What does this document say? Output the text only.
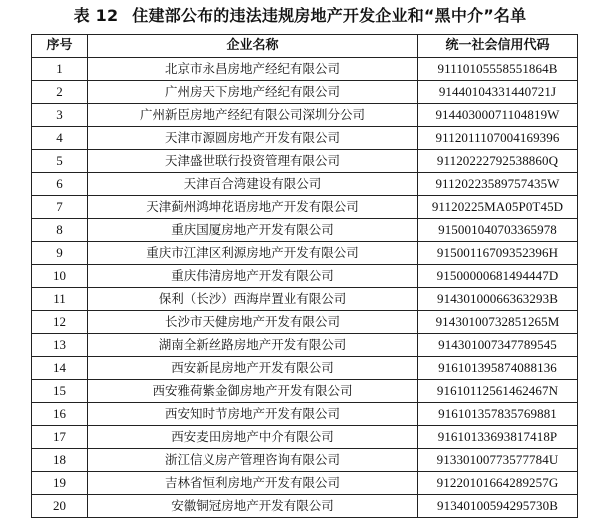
表 12 住建部公布的违法违规房地产开发企业和“黑中介”名单
序号	企业名称	统一社会信用代码
1	北京市永昌房地产经纪有限公司	91110105558551864B
2	广州房天下房地产经纪有限公司	91440104331440721J
3	广州新臣房地产经纪有限公司深圳分公司	91440300071104819W
4	天津市源圆房地产开发有限公司	9112011107004169396
5	天津盛世联行投资管理有限公司	91120222792538860Q
6	天津百合湾建设有限公司	91120223589757435W
7	天津蓟州鸿坤花语房地产开发有限公司	91120225MA05P0T45D
8	重庆国厦房地产开发有限公司	915001040703365978
9	重庆市江津区利源房地产开发有限公司	91500116709352396H
10	重庆伟清房地产开发有限公司	91500000681494447D
11	保利（长沙）西海岸置业有限公司	91430100066363293B
12	长沙市天健房地产开发有限公司	91430100732851265M
13	湖南全新丝路房地产开发有限公司	914301007347789545
14	西安新昆房地产开发有限公司	916101395874088136
15	西安雅荷紫金御房地产开发有限公司	91610112561462467N
16	西安知时节房地产开发有限公司	916101357835769881
17	西安麦田房地产中介有限公司	91610133693817418P
18	浙江信义房产管理咨询有限公司	91330100773577784U
19	吉林省恒利房地产开发有限公司	91220101664289257G
20	安徽铜冠房地产开发有限公司	91340100594295730B
